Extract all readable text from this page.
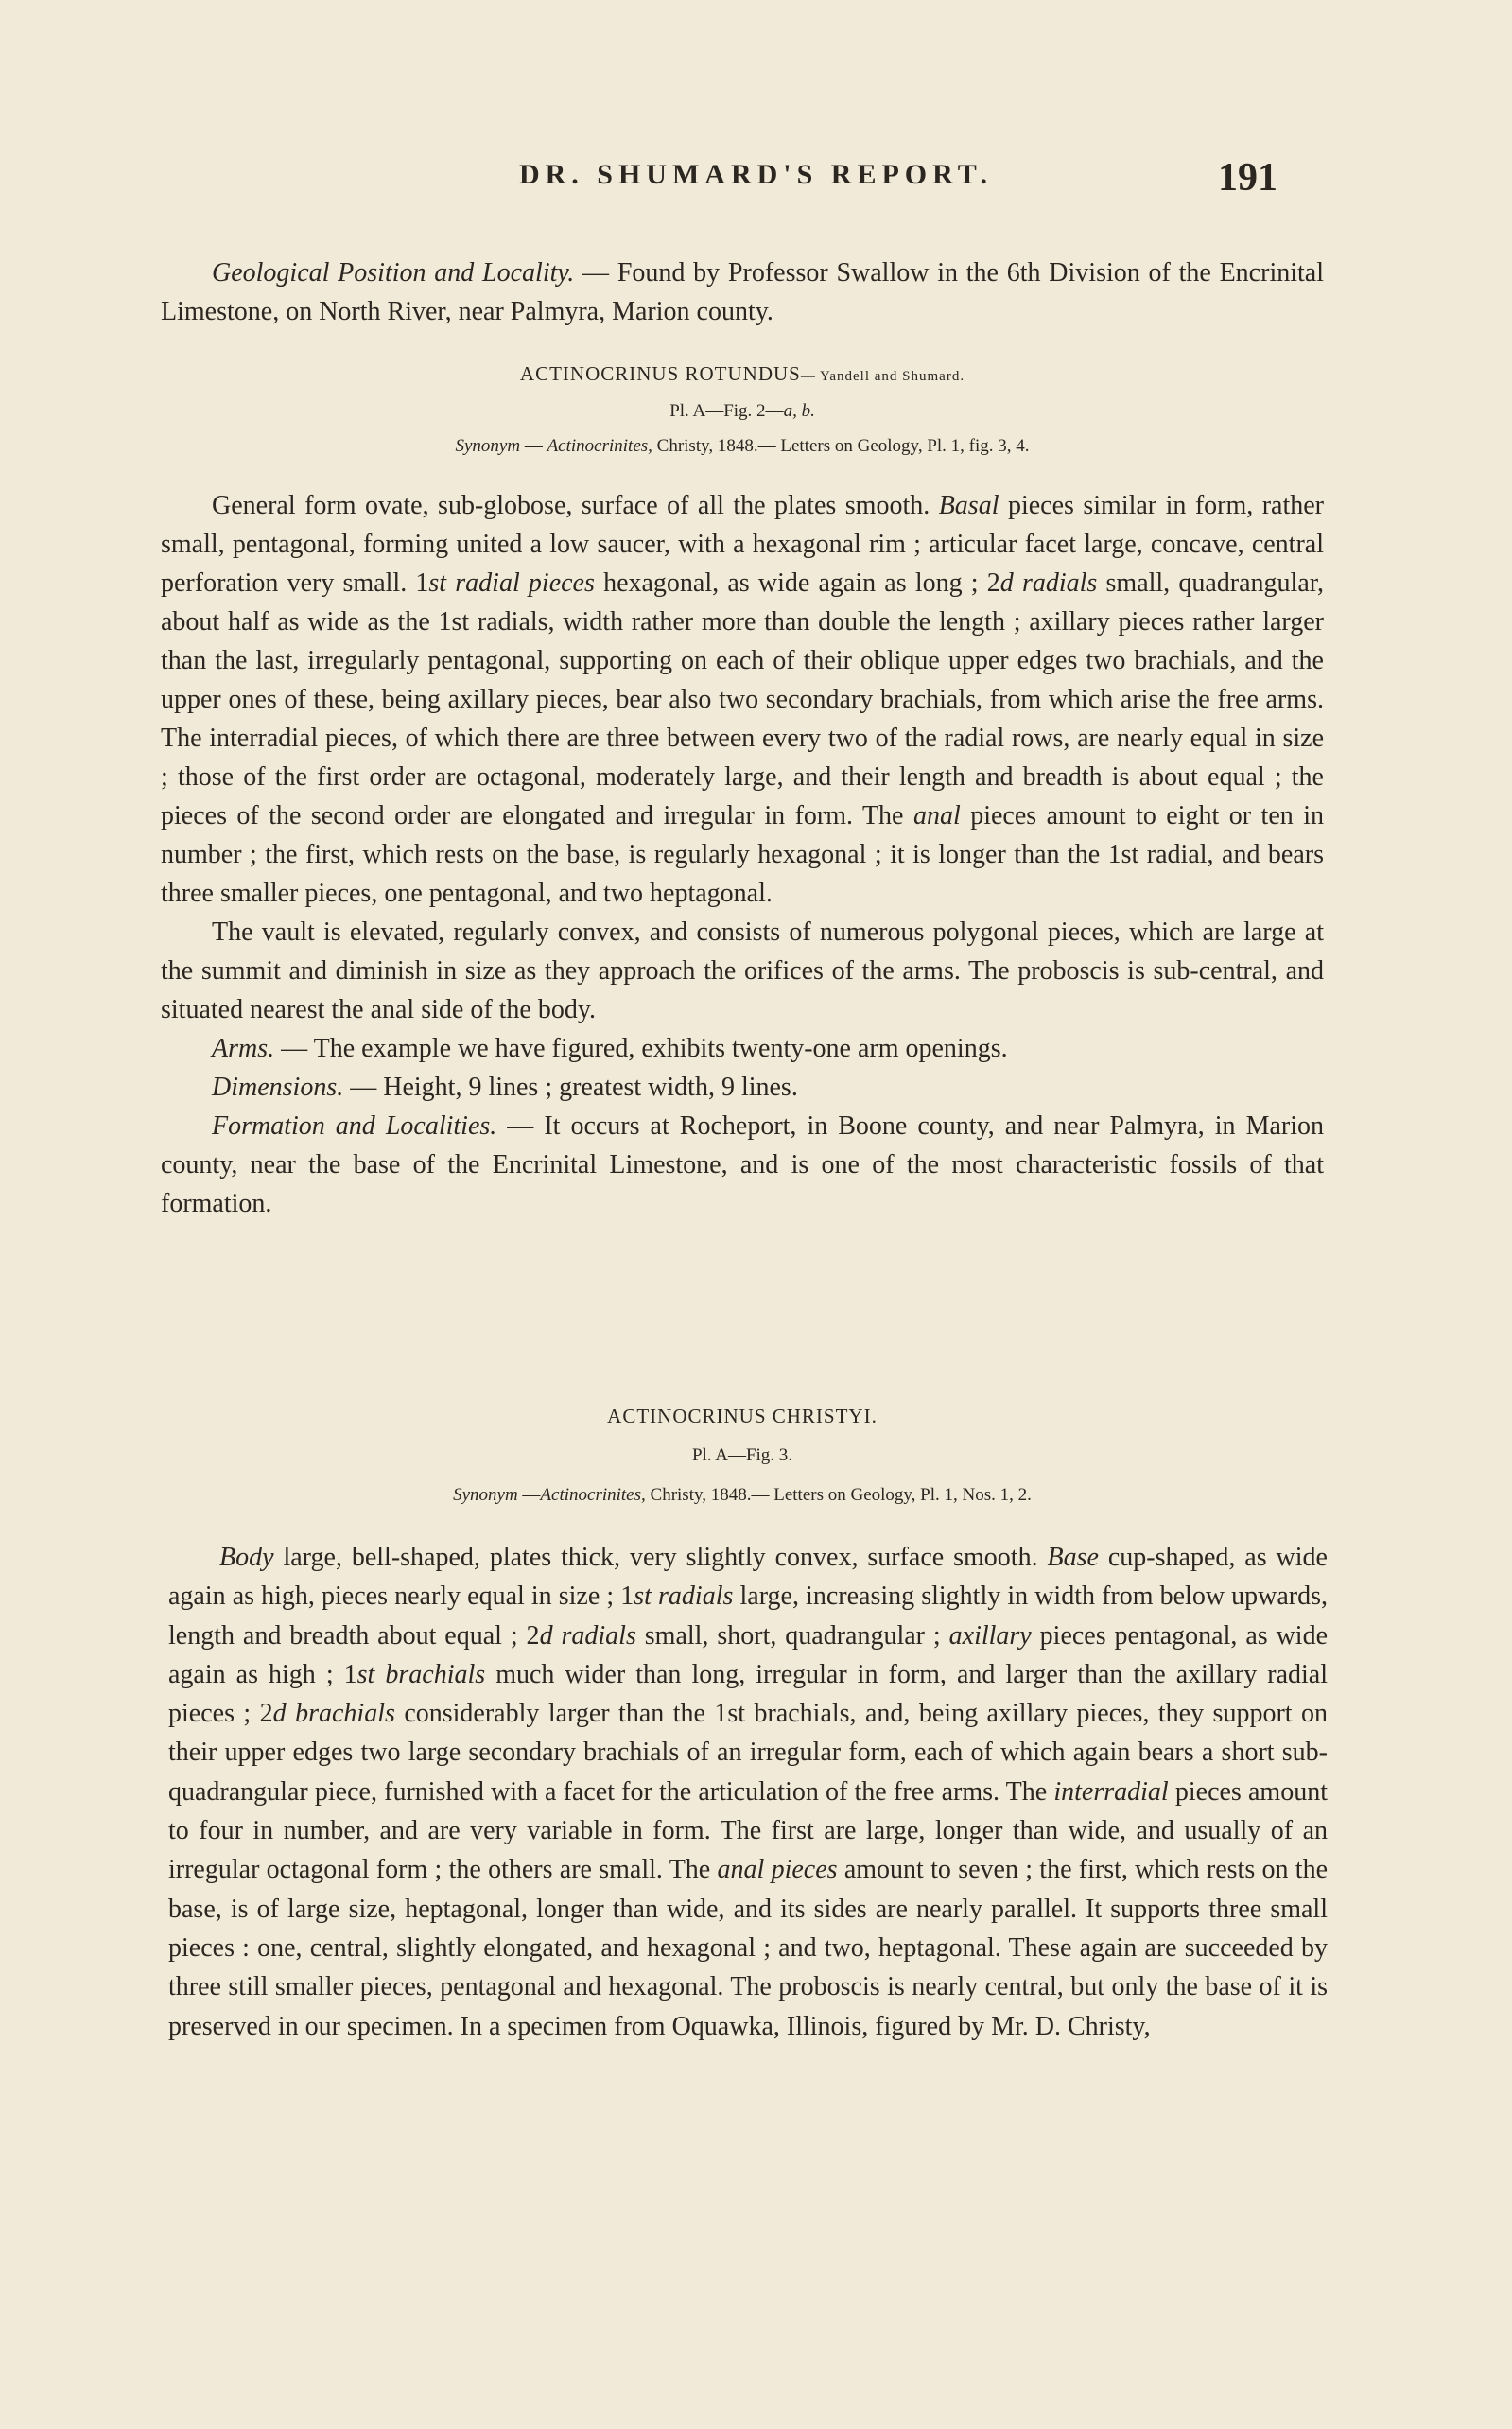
DR. SHUMARD'S REPORT.	191

Geological Position and Locality. — Found by Professor Swallow in the 6th Division of the Encrinital Limestone, on North River, near Palmyra, Marion county.

ACTINOCRINUS ROTUNDUS— Yandell and Shumard.

Pl. A—Fig. 2—a, b.

Synonym — Actinocrinites, Christy, 1848.— Letters on Geology, Pl. 1, fig. 3, 4.

General form ovate, sub-globose, surface of all the plates smooth. Basal pieces similar in form, rather small, pentagonal, forming united a low saucer, with a hexagonal rim ; articular facet large, concave, central perforation very small. 1st radial pieces hexagonal, as wide again as long ; 2d radials small, quadrangular, about half as wide as the 1st radials, width rather more than double the length ; axillary pieces rather larger than the last, irregularly pentagonal, supporting on each of their oblique upper edges two brachials, and the upper ones of these, being axillary pieces, bear also two secondary brachials, from which arise the free arms. The interradial pieces, of which there are three between every two of the radial rows, are nearly equal in size ; those of the first order are octagonal, moderately large, and their length and breadth is about equal ; the pieces of the second order are elongated and irregular in form. The anal pieces amount to eight or ten in number ; the first, which rests on the base, is regularly hexagonal ; it is longer than the 1st radial, and bears three smaller pieces, one pentagonal, and two heptagonal.

The vault is elevated, regularly convex, and consists of numerous polygonal pieces, which are large at the summit and diminish in size as they approach the orifices of the arms. The proboscis is sub-central, and situated nearest the anal side of the body.

Arms. — The example we have figured, exhibits twenty-one arm openings.

Dimensions. — Height, 9 lines ; greatest width, 9 lines.

Formation and Localities. — It occurs at Rocheport, in Boone county, and near Palmyra, in Marion county, near the base of the Encrinital Limestone, and is one of the most characteristic fossils of that formation.

ACTINOCRINUS CHRISTYI.

Pl. A—Fig. 3.

Synonym —Actinocrinites, Christy, 1848.— Letters on Geology, Pl. 1, Nos. 1, 2.

Body large, bell-shaped, plates thick, very slightly convex, surface smooth. Base cup-shaped, as wide again as high, pieces nearly equal in size ; 1st radials large, increasing slightly in width from below upwards, length and breadth about equal ; 2d radials small, short, quadrangular ; axillary pieces pentagonal, as wide again as high ; 1st brachials much wider than long, irregular in form, and larger than the axillary radial pieces ; 2d brachials considerably larger than the 1st brachials, and, being axillary pieces, they support on their upper edges two large secondary brachials of an irregular form, each of which again bears a short sub-quadrangular piece, furnished with a facet for the articulation of the free arms. The interradial pieces amount to four in number, and are very variable in form. The first are large, longer than wide, and usually of an irregular octagonal form ; the others are small. The anal pieces amount to seven ; the first, which rests on the base, is of large size, heptagonal, longer than wide, and its sides are nearly parallel. It supports three small pieces : one, central, slightly elongated, and hexagonal ; and two, heptagonal. These again are succeeded by three still smaller pieces, pentagonal and hexagonal. The proboscis is nearly central, but only the base of it is preserved in our specimen. In a specimen from Oquawka, Illinois, figured by Mr. D. Christy,
